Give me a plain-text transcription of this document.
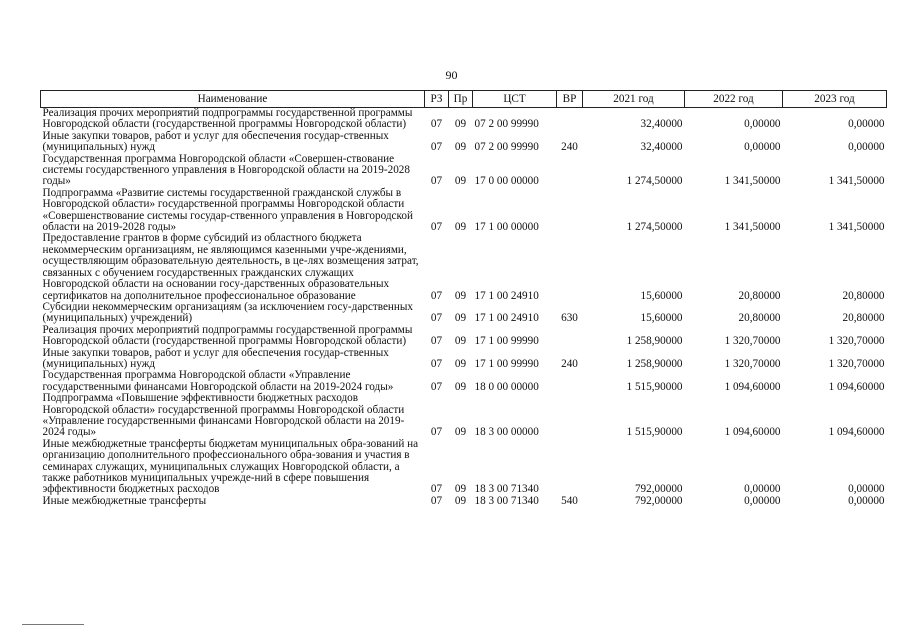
90
Наименование	РЗ	Пр	ЦСТ	ВР	2021 год	2022 год	2023 год
Реализация прочих мероприятий подпрограммы государственной программы Новгородской области (государственной программы Новгородской области)	07	09	07 2 00 99990		32,40000	0,00000	0,00000
Иные закупки товаров, работ и услуг для обеспечения государ-ственных (муниципальных) нужд	07	09	07 2 00 99990	240	32,40000	0,00000	0,00000
Государственная программа Новгородской области «Совершен-ствование системы государственного управления в Новгородской области на 2019-2028 годы»	07	09	17 0 00 00000		1 274,50000	1 341,50000	1 341,50000
Подпрограмма «Развитие системы государственной гражданской службы в Новгородской области» государственной программы Новгородской области «Совершенствование системы государ-ственного управления в Новгородской области на 2019-2028 годы»	07	09	17 1 00 00000		1 274,50000	1 341,50000	1 341,50000
Предоставление грантов в форме субсидий из областного бюджета некоммерческим организациям, не являющимся казенными учре-ждениями, осуществляющим образовательную деятельность, в це-лях возмещения затрат, связанных с обучением государственных гражданских служащих Новгородской области на основании госу-дарственных образовательных сертификатов на дополнительное профессиональное образование	07	09	17 1 00 24910		15,60000	20,80000	20,80000
Субсидии некоммерческим организациям (за исключением госу-дарственных (муниципальных) учреждений)	07	09	17 1 00 24910	630	15,60000	20,80000	20,80000
Реализация прочих мероприятий подпрограммы государственной программы Новгородской области (государственной программы Новгородской области)	07	09	17 1 00 99990		1 258,90000	1 320,70000	1 320,70000
Иные закупки товаров, работ и услуг для обеспечения государ-ственных (муниципальных) нужд	07	09	17 1 00 99990	240	1 258,90000	1 320,70000	1 320,70000
Государственная программа Новгородской области «Управление государственными финансами Новгородской области на 2019-2024 годы»	07	09	18 0 00 00000		1 515,90000	1 094,60000	1 094,60000
Подпрограмма «Повышение эффективности бюджетных расходов Новгородской области» государственной программы Новгородской области «Управление государственными финансами Новгородской области на 2019-2024 годы»	07	09	18 3 00 00000		1 515,90000	1 094,60000	1 094,60000
Иные межбюджетные трансферты бюджетам муниципальных обра-зований на организацию дополнительного профессионального обра-зования и участия в семинарах служащих, муниципальных служащих Новгородской области, а также работников муниципальных учрежде-ний в сфере повышения эффективности бюджетных расходов	07	09	18 3 00 71340		792,00000	0,00000	0,00000
Иные межбюджетные трансферты	07	09	18 3 00 71340	540	792,00000	0,00000	0,00000
